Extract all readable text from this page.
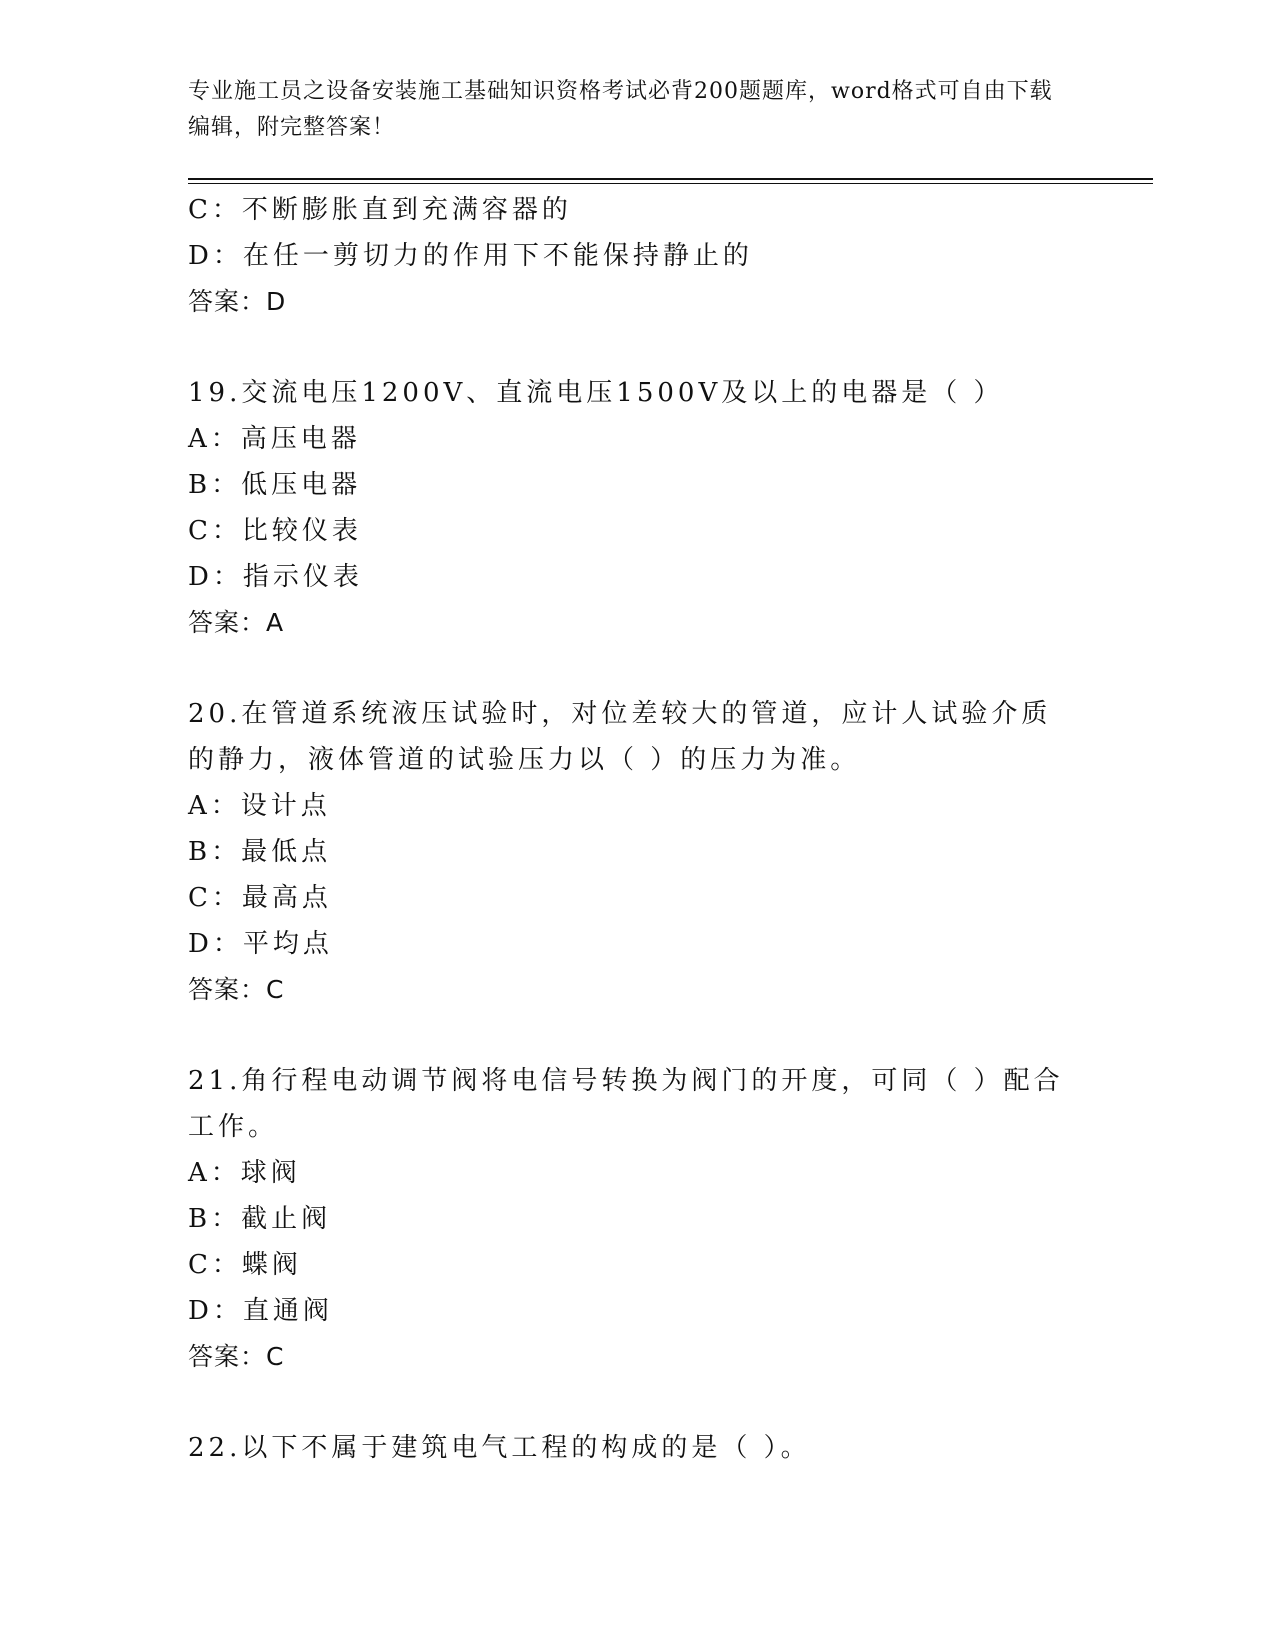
专业施工员之设备安装施工基础知识资格考试必背200题题库，word格式可自由下载编辑，附完整答案！
C：不断膨胀直到充满容器的
D：在任一剪切力的作用下不能保持静止的
答案：D
19.交流电压1200V、直流电压1500V及以上的电器是（ ）
A：高压电器
B：低压电器
C：比较仪表
D：指示仪表
答案：A
20.在管道系统液压试验时，对位差较大的管道，应计人试验介质的静力，液体管道的试验压力以（ ）的压力为准。
A：设计点
B：最低点
C：最高点
D：平均点
答案：C
21.角行程电动调节阀将电信号转换为阀门的开度，可同（ ）配合工作。
A：球阀
B：截止阀
C：蝶阀
D：直通阀
答案：C
22.以下不属于建筑电气工程的构成的是（ ）。
